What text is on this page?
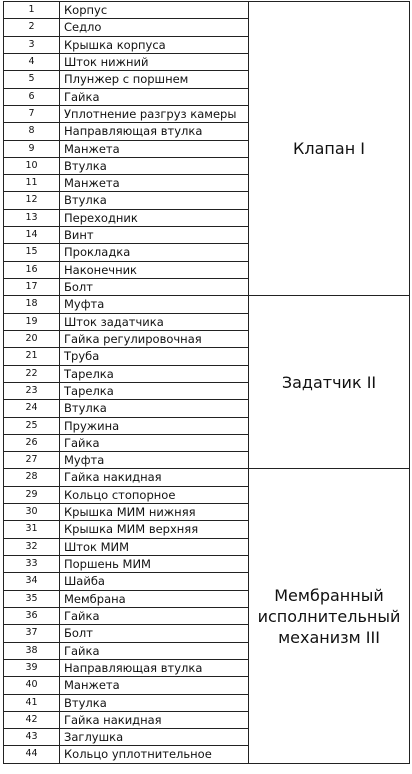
1	Корпус	Клапан I
2	Седло	
3	Крышка корпуса	
4	Шток нижний	
5	Плунжер с поршнем	
6	Гайка	
7	Уплотнение разгруз камеры	
8	Направляющая втулка	
9	Манжета	
10	Втулка	
11	Манжета	
12	Втулка	
13	Переходник	
14	Винт	
15	Прокладка	
16	Наконечник	
17	Болт	
18	Муфта	Задатчик II
19	Шток задатчика	
20	Гайка регулировочная	
21	Труба	
22	Тарелка	
23	Тарелка	
24	Втулка	
25	Пружина	
26	Гайка	
27	Муфта	
28	Гайка накидная	Мембранный исполнительный механизм III
29	Кольцо стопорное	
30	Крышка МИМ нижняя	
31	Крышка МИМ верхняя	
32	Шток МИМ	
33	Поршень МИМ	
34	Шайба	
35	Мембрана	
36	Гайка	
37	Болт	
38	Гайка	
39	Направляющая втулка	
40	Манжета	
41	Втулка	
42	Гайка накидная	
43	Заглушка	
44	Кольцо уплотнительное	
